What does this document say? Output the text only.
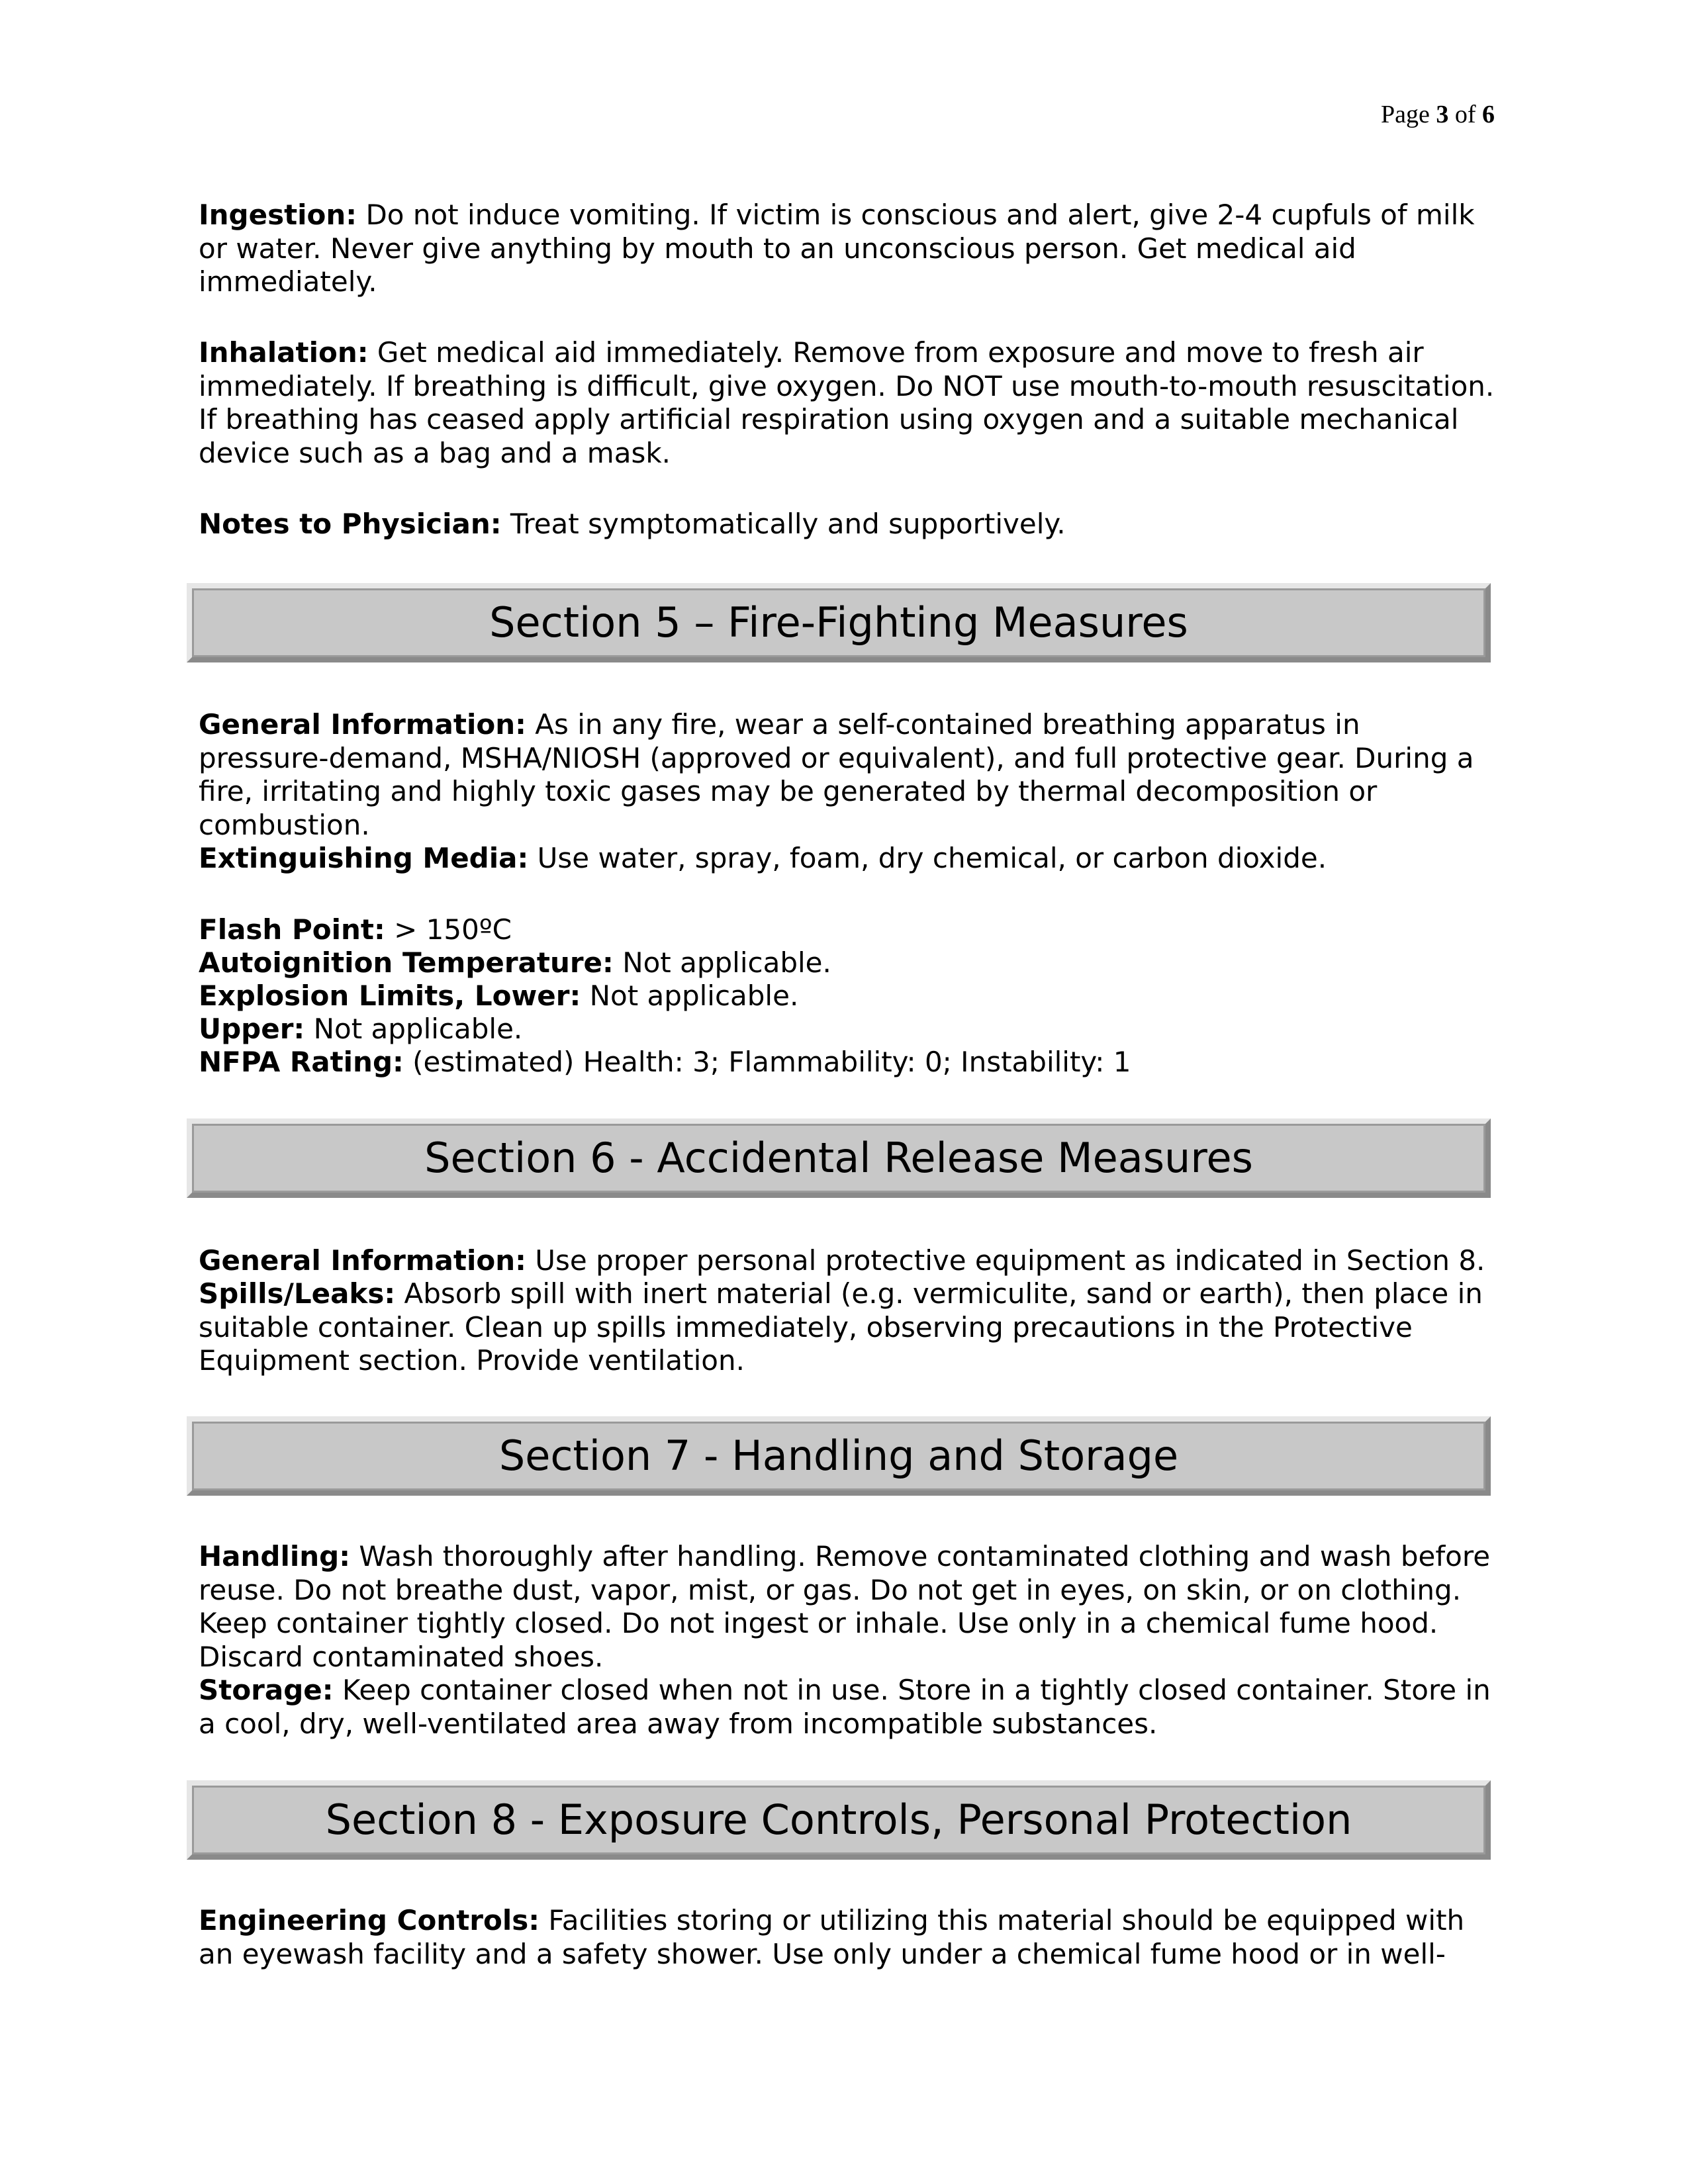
Page 3 of 6

Ingestion: Do not induce vomiting. If victim is conscious and alert, give 2-4 cupfuls of milk or water. Never give anything by mouth to an unconscious person. Get medical aid immediately.

Inhalation: Get medical aid immediately. Remove from exposure and move to fresh air immediately. If breathing is difficult, give oxygen. Do NOT use mouth-to-mouth resuscitation. If breathing has ceased apply artificial respiration using oxygen and a suitable mechanical device such as a bag and a mask.

Notes to Physician: Treat symptomatically and supportively.

General Information: As in any fire, wear a self-contained breathing apparatus in pressure-demand, MSHA/NIOSH (approved or equivalent), and full protective gear. During a fire, irritating and highly toxic gases may be generated by thermal decomposition or combustion.

Extinguishing Media: Use water, spray, foam, dry chemical, or carbon dioxide.

Flash Point: > 150ºC

Autoignition Temperature: Not applicable.

Explosion Limits, Lower: Not applicable.

Upper: Not applicable.

NFPA Rating: (estimated) Health: 3; Flammability: 0; Instability: 1

General Information: Use proper personal protective equipment as indicated in Section 8.

Spills/Leaks: Absorb spill with inert material (e.g. vermiculite, sand or earth), then place in suitable container. Clean up spills immediately, observing precautions in the Protective Equipment section. Provide ventilation.

Handling: Wash thoroughly after handling. Remove contaminated clothing and wash before reuse. Do not breathe dust, vapor, mist, or gas. Do not get in eyes, on skin, or on clothing. Keep container tightly closed. Do not ingest or inhale. Use only in a chemical fume hood. Discard contaminated shoes.

Storage: Keep container closed when not in use. Store in a tightly closed container. Store in a cool, dry, well-ventilated area away from incompatible substances.

Engineering Controls: Facilities storing or utilizing this material should be equipped with an eyewash facility and a safety shower. Use only under a chemical fume hood or in well-

Section 5 – Fire-Fighting Measures
Section 6 - Accidental Release Measures
Section 7 - Handling and Storage
Section 8 - Exposure Controls, Personal Protection
